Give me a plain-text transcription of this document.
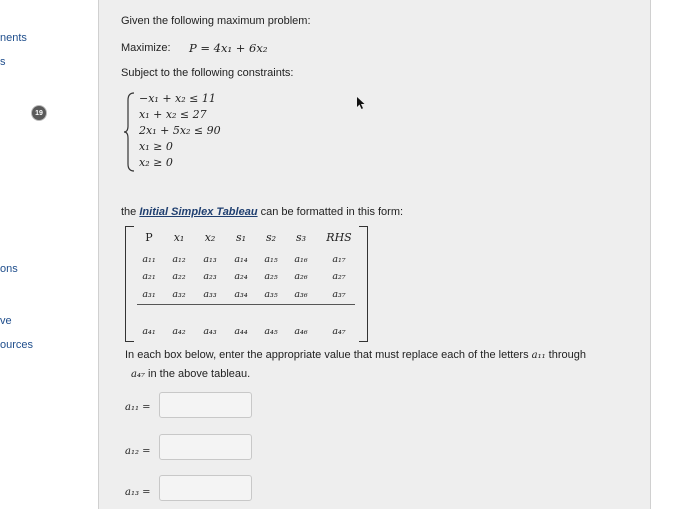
nents
s
19
ons
ve
ources
Given the following maximum problem:
Maximize: P = 4x₁ + 6x₂
Subject to the following constraints:
−x₁ + x₂ ≤ 11
x₁ + x₂ ≤ 27
2x₁ + 5x₂ ≤ 90
x₁ ≥ 0
x₂ ≥ 0
the Initial Simplex Tableau can be formatted in this form:
P	x₁	x₂	s₁	s₂	s₃	RHS
a₁₁	a₁₂	a₁₃	a₁₄	a₁₅	a₁₆	a₁₇
a₂₁	a₂₂	a₂₃	a₂₄	a₂₅	a₂₆	a₂₇
a₃₁	a₃₂	a₃₃	a₃₄	a₃₅	a₃₆	a₃₇
a₄₁	a₄₂	a₄₃	a₄₄	a₄₅	a₄₆	a₄₇
In each box below, enter the appropriate value that must replace each of the letters a₁₁ through
a₄₇ in the above tableau.
a₁₁ =
a₁₂ =
a₁₃ =
